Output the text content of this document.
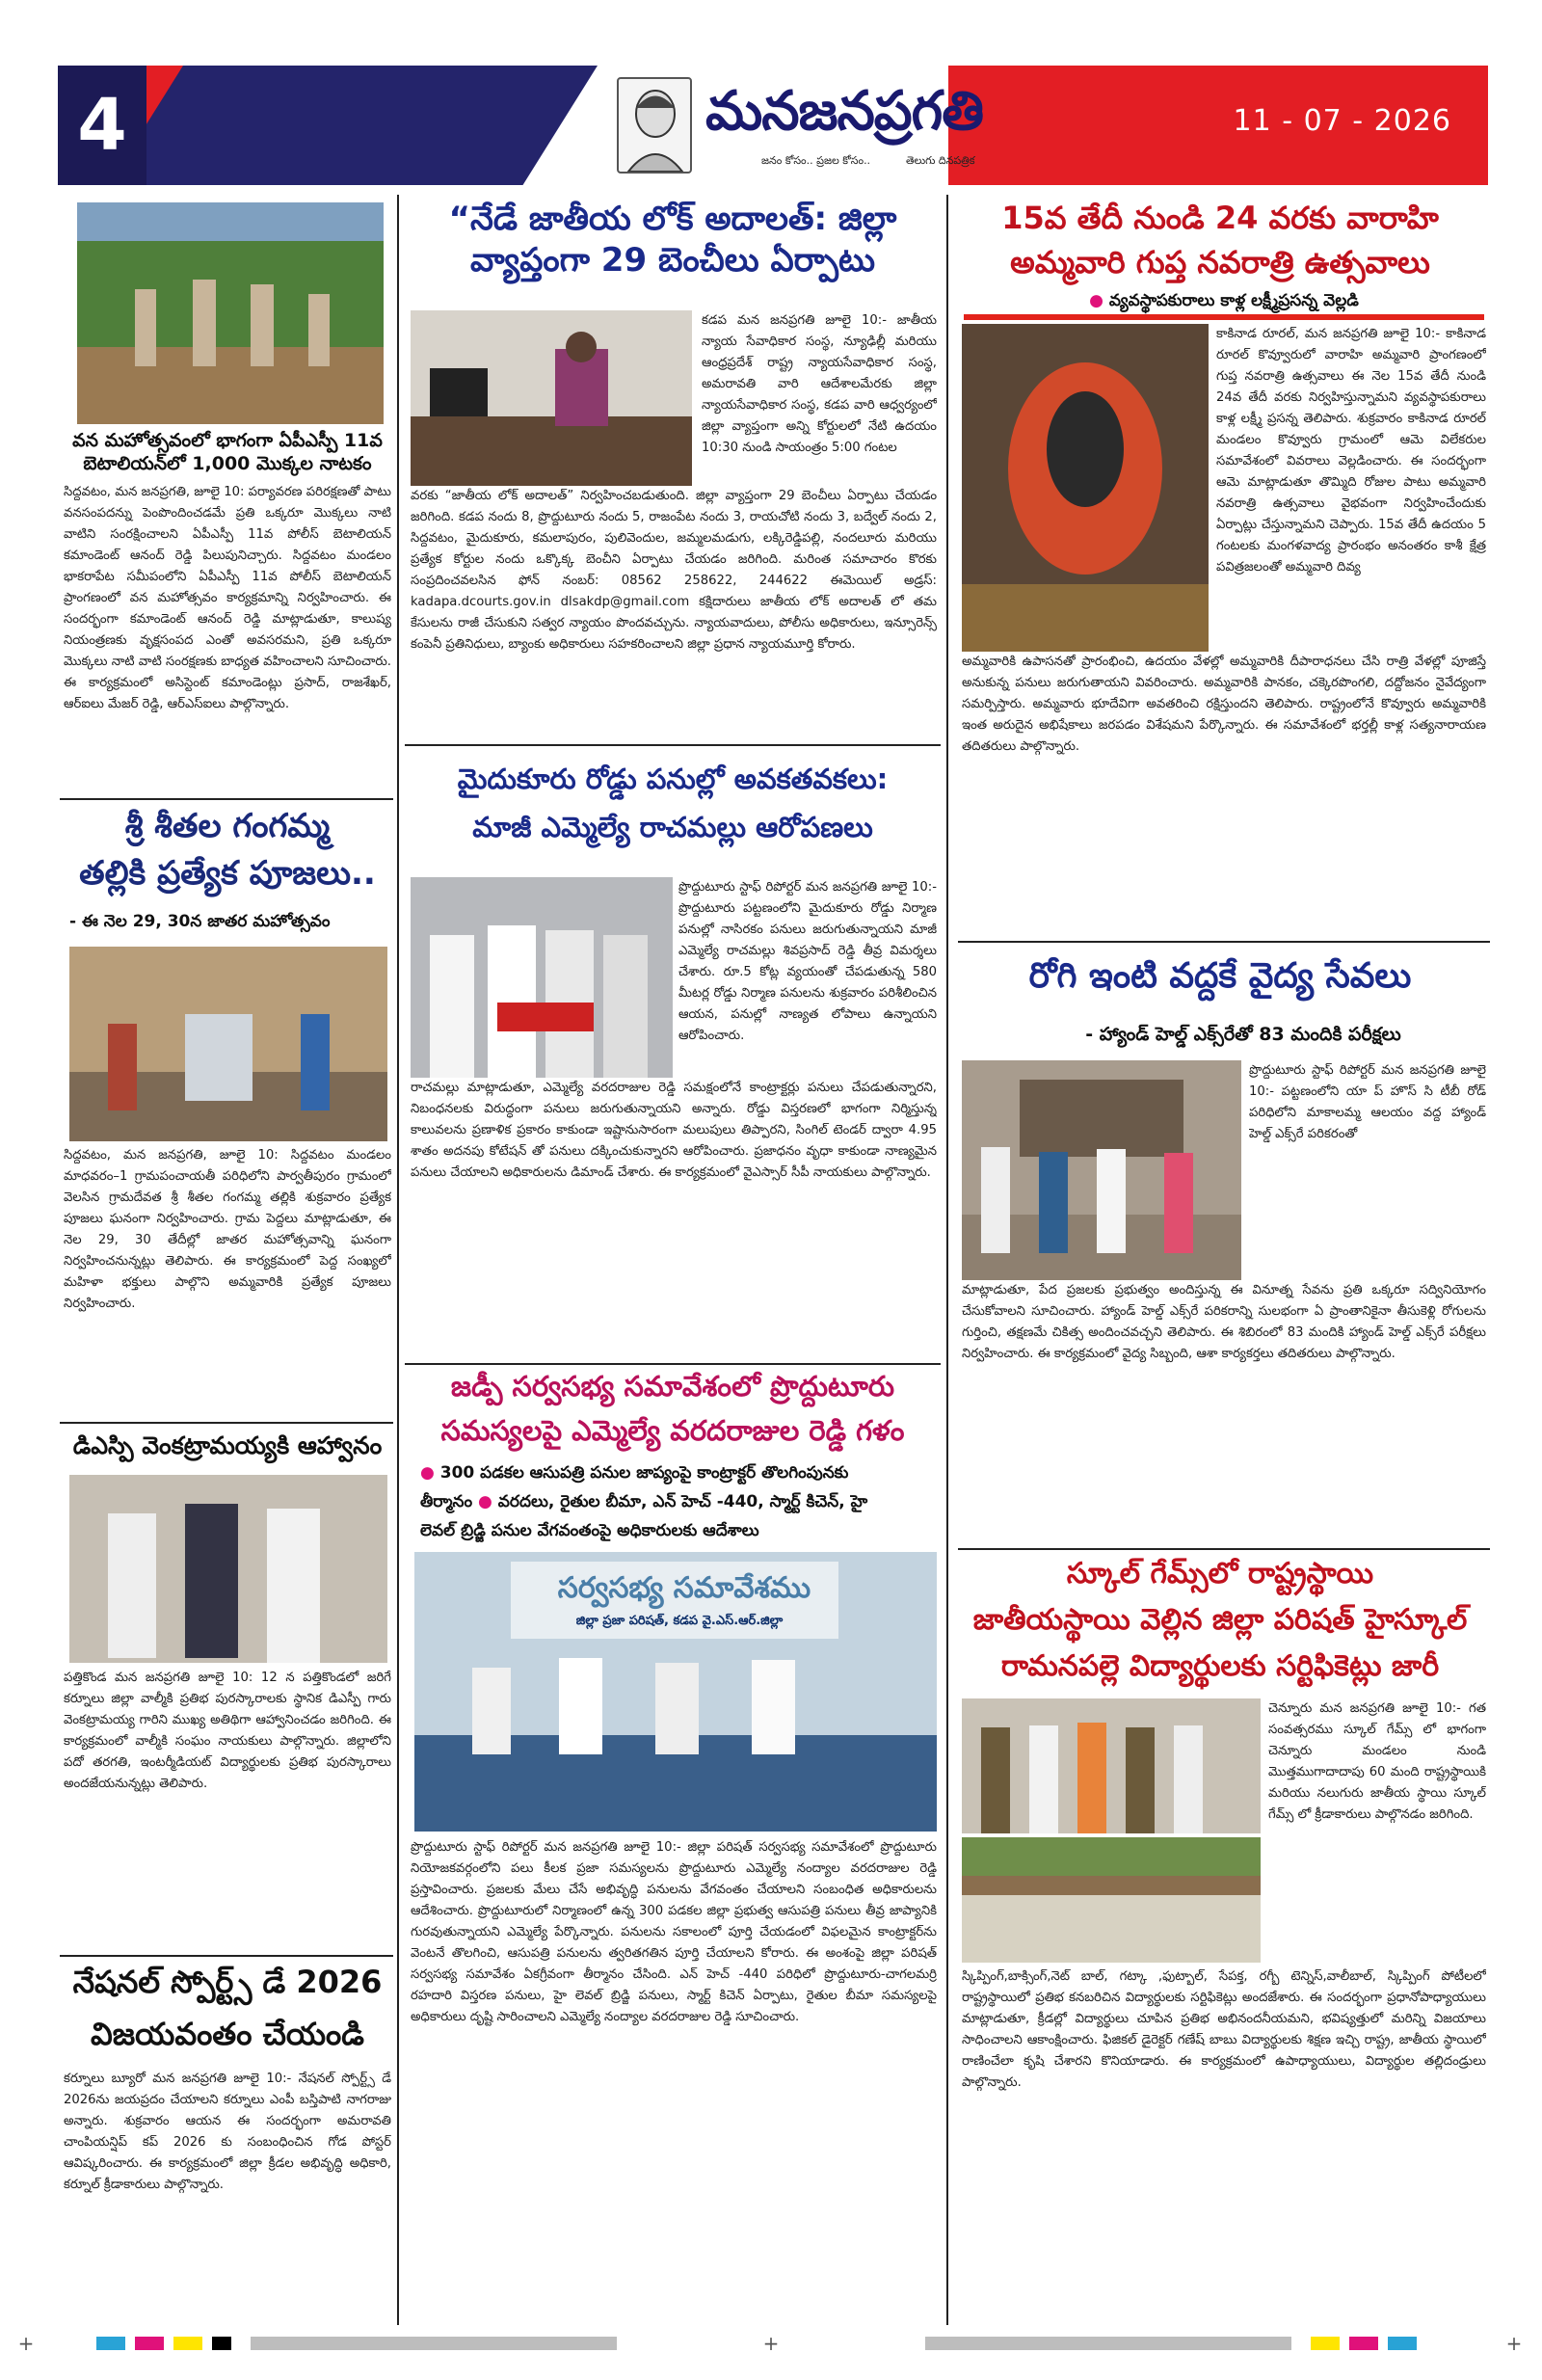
4	మనజనప్రగతి
జనం కోసం.. ప్రజల కోసం..	తెలుగు దినపత్రిక
11 - 07 - 2026
వన మహోత్సవంలో భాగంగా ఏపీఎస్పీ 11వ బెటాలియన్‌లో 1,000 మొక్కల నాటకం
సిద్దవటం, మన జనప్రగతి, జూలై 10: పర్యావరణ పరిరక్షణతో పాటు వనసంపదన్ను పెంపొందించడమే ప్రతి ఒక్కరూ మొక్కలు నాటి వాటిని సంరక్షించాలని ఏపీఎస్పీ 11వ పోలీస్ బెటాలియన్ కమాండెంట్ ఆనంద్ రెడ్డి పిలుపునిచ్చారు. సిద్దవటం మండలం భాకరాపేట సమీపంలోని ఏపీఎస్పీ 11వ పోలీస్ బెటాలియన్ ప్రాంగణంలో వన మహోత్సవం కార్యక్రమాన్ని నిర్వహించారు. ఈ సందర్భంగా కమాండెంట్ ఆనంద్ రెడ్డి మాట్లాడుతూ, కాలుష్య నియంత్రణకు వృక్షసంపద ఎంతో అవసరమని, ప్రతి ఒక్కరూ మొక్కలు నాటి వాటి సంరక్షణకు బాధ్యత వహించాలని సూచించారు. ఈ కార్యక్రమంలో అసిస్టెంట్ కమాండెంట్లు ప్రసాద్, రాజశేఖర్, ఆర్‌ఐలు మేజర్ రెడ్డి, ఆర్‌ఎస్‌ఐలు పాల్గొన్నారు.
శ్రీ శీతల గంగమ్మ
తల్లికి ప్రత్యేక పూజలు..
- ఈ నెల 29, 30న జాతర మహోత్సవం
సిద్దవటం, మన జనప్రగతి, జూలై 10: సిద్దవటం మండలం మాధవరం–1 గ్రామపంచాయతీ పరిధిలోని పార్వతీపురం గ్రామంలో వెలసిన గ్రామదేవత శ్రీ శీతల గంగమ్మ తల్లికి శుక్రవారం ప్రత్యేక పూజలు ఘనంగా నిర్వహించారు. గ్రామ పెద్దలు మాట్లాడుతూ, ఈ నెల 29, 30 తేదీల్లో జాతర మహోత్సవాన్ని ఘనంగా నిర్వహించనున్నట్లు తెలిపారు. ఈ కార్యక్రమంలో పెద్ద సంఖ్యలో మహిళా భక్తులు పాల్గొని అమ్మవారికి ప్రత్యేక పూజలు నిర్వహించారు.
డిఎస్పి వెంకట్రామయ్యకి ఆహ్వానం
పత్తికొండ మన జనప్రగతి జూలై 10: 12 న పత్తికొండలో జరిగే కర్నూలు జిల్లా వాల్మీకి ప్రతిభ పురస్కారాలకు స్థానిక డిఎస్పీ గారు వెంకట్రామయ్య గారిని ముఖ్య అతిథిగా ఆహ్వానించడం జరిగింది. ఈ కార్యక్రమంలో వాల్మీకి సంఘం నాయకులు పాల్గొన్నారు. జిల్లాలోని పదో తరగతి, ఇంటర్మీడియట్ విద్యార్థులకు ప్రతిభ పురస్కారాలు అందజేయనున్నట్లు తెలిపారు.
నేషనల్ స్పోర్ట్స్ డే 2026
విజయవంతం చేయండి
కర్నూలు బ్యూరో మన జనప్రగతి జూలై 10:- నేషనల్ స్పోర్ట్స్ డే 2026ను జయప్రదం చేయాలని కర్నూలు ఎంపీ బస్తిపాటి నాగరాజు అన్నారు. శుక్రవారం ఆయన ఈ సందర్భంగా అమరావతి చాంపియన్షిప్ కప్ 2026 కు సంబంధించిన గోడ పోస్టర్ ఆవిష్కరించారు. ఈ కార్యక్రమంలో జిల్లా క్రీడల అభివృద్ధి అధికారి, కర్నూల్ క్రీడాకారులు పాల్గొన్నారు.
“నేడే జాతీయ లోక్ అదాలత్: జిల్లా వ్యాప్తంగా 29 బెంచీలు ఏర్పాటు
కడప మన జనప్రగతి జూలై 10:- జాతీయ న్యాయ సేవాధికార సంస్థ, న్యూఢిల్లీ మరియు ఆంధ్రప్రదేశ్ రాష్ట్ర న్యాయసేవాధికార సంస్థ, అమరావతి వారి ఆదేశాలమేరకు జిల్లా న్యాయసేవాధికార సంస్థ, కడప వారి ఆధ్వర్యంలో జిల్లా వ్యాప్తంగా అన్ని కోర్టులలో నేటి ఉదయం 10:30 నుండి సాయంత్రం 5:00 గంటల
వరకు “జాతీయ లోక్ అదాలత్” నిర్వహించబడుతుంది. జిల్లా వ్యాప్తంగా 29 బెంచీలు ఏర్పాటు చేయడం జరిగింది. కడప నందు 8, ప్రొద్దుటూరు నందు 5, రాజంపేట నందు 3, రాయచోటి నందు 3, బద్వేల్ నందు 2, సిద్దవటం, మైదుకూరు, కమలాపురం, పులివెందుల, జమ్మలమడుగు, లక్కిరెడ్డిపల్లి, నందలూరు మరియు ప్రత్యేక కోర్టుల నందు ఒక్కొక్క బెంచీని ఏర్పాటు చేయడం జరిగింది. మరింత సమాచారం కొరకు సంప్రదించవలసిన ఫోన్ నంబర్: 08562 258622, 244622 ఈమెయిల్ అడ్రస్: kadapa.dcourts.gov.in dlsakdp@gmail.com కక్షిదారులు జాతీయ లోక్ అదాలత్ లో తమ కేసులను రాజీ చేసుకుని సత్వర న్యాయం పొందవచ్చును. న్యాయవాదులు, పోలీసు అధికారులు, ఇన్సూరెన్స్ కంపెనీ ప్రతినిధులు, బ్యాంకు అధికారులు సహకరించాలని జిల్లా ప్రధాన న్యాయమూర్తి కోరారు.
మైదుకూరు రోడ్డు పనుల్లో అవకతవకలు:
మాజీ ఎమ్మెల్యే రాచమల్లు ఆరోపణలు
ప్రొద్దుటూరు స్టాఫ్ రిపోర్టర్ మన జనప్రగతి జూలై 10:- ప్రొద్దుటూరు పట్టణంలోని మైదుకూరు రోడ్డు నిర్మాణ పనుల్లో నాసిరకం పనులు జరుగుతున్నాయని మాజీ ఎమ్మెల్యే రాచమల్లు శివప్రసాద్ రెడ్డి తీవ్ర విమర్శలు చేశారు. రూ.5 కోట్ల వ్యయంతో చేపడుతున్న 580 మీటర్ల రోడ్డు నిర్మాణ పనులను శుక్రవారం పరిశీలించిన ఆయన, పనుల్లో నాణ్యత లోపాలు ఉన్నాయని ఆరోపించారు.
రాచమల్లు మాట్లాడుతూ, ఎమ్మెల్యే వరదరాజుల రెడ్డి సమక్షంలోనే కాంట్రాక్టర్లు పనులు చేపడుతున్నారని, నిబంధనలకు విరుద్ధంగా పనులు జరుగుతున్నాయని అన్నారు. రోడ్డు విస్తరణలో భాగంగా నిర్మిస్తున్న కాలువలను ప్రణాళిక ప్రకారం కాకుండా ఇష్టానుసారంగా మలుపులు తిప్పారని, సింగిల్ టెండర్ ద్వారా 4.95 శాతం అదనపు కోటేషన్ తో పనులు దక్కించుకున్నారని ఆరోపించారు. ప్రజాధనం వృధా కాకుండా నాణ్యమైన పనులు చేయాలని అధికారులను డిమాండ్ చేశారు. ఈ కార్యక్రమంలో వైఎస్సార్ సీపీ నాయకులు పాల్గొన్నారు.
జడ్పీ సర్వసభ్య సమావేశంలో ప్రొద్దుటూరు
సమస్యలపై ఎమ్మెల్యే వరదరాజుల రెడ్డి గళం
● 300 పడకల ఆసుపత్రి పనుల జాప్యంపై కాంట్రాక్టర్ తొలగింపునకు
తీర్మానం ● వరదలు, రైతుల బీమా, ఎన్ హెచ్ -440, స్మార్ట్ కిచెన్, హై
లెవల్ బ్రిడ్జి పనుల వేగవంతంపై అధికారులకు ఆదేశాలు
సర్వసభ్య సమావేశము
జిల్లా ప్రజా పరిషత్, కడప వై.ఎస్.ఆర్.జిల్లా
ప్రొద్దుటూరు స్టాఫ్ రిపోర్టర్ మన జనప్రగతి జూలై 10:- జిల్లా పరిషత్ సర్వసభ్య సమావేశంలో ప్రొద్దుటూరు నియోజకవర్గంలోని పలు కీలక ప్రజా సమస్యలను ప్రొద్దుటూరు ఎమ్మెల్యే నంద్యాల వరదరాజుల రెడ్డి ప్రస్తావించారు. ప్రజలకు మేలు చేసే అభివృద్ధి పనులను వేగవంతం చేయాలని సంబంధిత అధికారులను ఆదేశించారు. ప్రొద్దుటూరులో నిర్మాణంలో ఉన్న 300 పడకల జిల్లా ప్రభుత్వ ఆసుపత్రి పనులు తీవ్ర జాప్యానికి గురవుతున్నాయని ఎమ్మెల్యే పేర్కొన్నారు. పనులను సకాలంలో పూర్తి చేయడంలో విఫలమైన కాంట్రాక్టర్‌ను వెంటనే తొలగించి, ఆసుపత్రి పనులను త్వరితగతిన పూర్తి చేయాలని కోరారు. ఈ అంశంపై జిల్లా పరిషత్ సర్వసభ్య సమావేశం ఏకగ్రీవంగా తీర్మానం చేసింది. ఎన్ హెచ్ -440 పరిధిలో ప్రొద్దుటూరు-చాగలమర్రి రహదారి విస్తరణ పనులు, హై లెవల్ బ్రిడ్జి పనులు, స్మార్ట్ కిచెన్ ఏర్పాటు, రైతుల బీమా సమస్యలపై అధికారులు దృష్టి సారించాలని ఎమ్మెల్యే నంద్యాల వరదరాజుల రెడ్డి సూచించారు.
15వ తేదీ నుండి 24 వరకు వారాహి
అమ్మవారి గుప్త నవరాత్రి ఉత్సవాలు
● వ్యవస్థాపకురాలు కాళ్ల లక్ష్మీప్రసన్న వెల్లడి
కాకినాడ రూరల్, మన జనప్రగతి జూలై 10:- కాకినాడ రూరల్ కొవ్వూరులో వారాహి అమ్మవారి ప్రాంగణంలో గుప్త నవరాత్రి ఉత్సవాలు ఈ నెల 15వ తేదీ నుండి 24వ తేదీ వరకు నిర్వహిస్తున్నామని వ్యవస్థాపకురాలు కాళ్ల లక్ష్మీ ప్రసన్న తెలిపారు. శుక్రవారం కాకినాడ రూరల్ మండలం కొవ్వూరు గ్రామంలో ఆమె విలేకరుల సమావేశంలో వివరాలు వెల్లడించారు. ఈ సందర్భంగా ఆమె మాట్లాడుతూ తొమ్మిది రోజుల పాటు అమ్మవారి నవరాత్రి ఉత్సవాలు వైభవంగా నిర్వహించేందుకు ఏర్పాట్లు చేస్తున్నామని చెప్పారు. 15వ తేదీ ఉదయం 5 గంటలకు మంగళవాద్య ప్రారంభం అనంతరం కాశీ క్షేత్ర పవిత్రజలంతో అమ్మవారి దివ్య
అమ్మవారికి ఉపాసనతో ప్రారంభించి, ఉదయం వేళల్లో అమ్మవారికి దీపారాధనలు చేసి రాత్రి వేళల్లో పూజిస్తే అనుకున్న పనులు జరుగుతాయని వివరించారు. అమ్మవారికి పానకం, చక్కెరపొంగలి, దద్దోజనం నైవేద్యంగా సమర్పిస్తారు. అమ్మవారు భూదేవిగా అవతరించి రక్షిస్తుందని తెలిపారు. రాష్ట్రంలోనే కొవ్వూరు అమ్మవారికి ఇంత అరుదైన అభిషేకాలు జరపడం విశేషమని పేర్కొన్నారు. ఈ సమావేశంలో భర్తల్లీ కాళ్ల సత్యనారాయణ తదితరులు పాల్గొన్నారు.
రోగి ఇంటి వద్దకే వైద్య సేవలు
- హ్యాండ్ హెల్డ్ ఎక్స్‌రేతో 83 మందికి పరీక్షలు
ప్రొద్దుటూరు స్టాఫ్ రిపోర్టర్ మన జనప్రగతి జూలై 10:- పట్టణంలోని యా ప్ హొస్ సి టీబీ రోడ్ పరిధిలోని మాకాలమ్మ ఆలయం వద్ద హ్యాండ్ హెల్డ్ ఎక్స్‌రే పరికరంతో
మాట్లాడుతూ, పేద ప్రజలకు ప్రభుత్వం అందిస్తున్న ఈ వినూత్న సేవను ప్రతి ఒక్కరూ సద్వినియోగం చేసుకోవాలని సూచించారు. హ్యాండ్ హెల్డ్ ఎక్స్‌రే పరికరాన్ని సులభంగా ఏ ప్రాంతానికైనా తీసుకెళ్లి రోగులను గుర్తించి, తక్షణమే చికిత్స అందించవచ్చని తెలిపారు. ఈ శిబిరంలో 83 మందికి హ్యాండ్ హెల్డ్ ఎక్స్‌రే పరీక్షలు నిర్వహించారు. ఈ కార్యక్రమంలో వైద్య సిబ్బంది, ఆశా కార్యకర్తలు తదితరులు పాల్గొన్నారు.
స్కూల్ గేమ్స్‌లో రాష్ట్రస్థాయి
జాతీయస్థాయి వెల్లిన జిల్లా పరిషత్ హైస్కూల్
రామనపల్లె విద్యార్థులకు సర్టిఫికెట్లు జారీ
చెన్నూరు మన జనప్రగతి జూలై 10:- గత సంవత్సరము స్కూల్ గేమ్స్ లో భాగంగా చెన్నూరు మండలం నుండి మొత్తముగాదాదాపు 60 మంది రాష్ట్రస్థాయికి మరియు నలుగురు జాతీయ స్థాయి స్కూల్ గేమ్స్ లో క్రీడాకారులు పాల్గొనడం జరిగింది.
స్కిప్పింగ్,బాక్సింగ్,నెట్ బాల్, గట్కా ,ఫుట్బాల్, సేపక్త, రగ్బీ టెన్నిస్,వాలీబాల్, స్కిప్పింగ్ పోటీలలో రాష్ట్రస్థాయిలో ప్రతిభ కనబరిచిన విద్యార్థులకు సర్టిఫికెట్లు అందజేశారు. ఈ సందర్భంగా ప్రధానోపాధ్యాయులు మాట్లాడుతూ, క్రీడల్లో విద్యార్థులు చూపిన ప్రతిభ అభినందనీయమని, భవిష్యత్తులో మరిన్ని విజయాలు సాధించాలని ఆకాంక్షించారు. ఫిజికల్ డైరెక్టర్ గణేష్ బాబు విద్యార్థులకు శిక్షణ ఇచ్చి రాష్ట్ర, జాతీయ స్థాయిలో రాణించేలా కృషి చేశారని కొనియాడారు. ఈ కార్యక్రమంలో ఉపాధ్యాయులు, విద్యార్థుల తల్లిదండ్రులు పాల్గొన్నారు.
+	+	+
